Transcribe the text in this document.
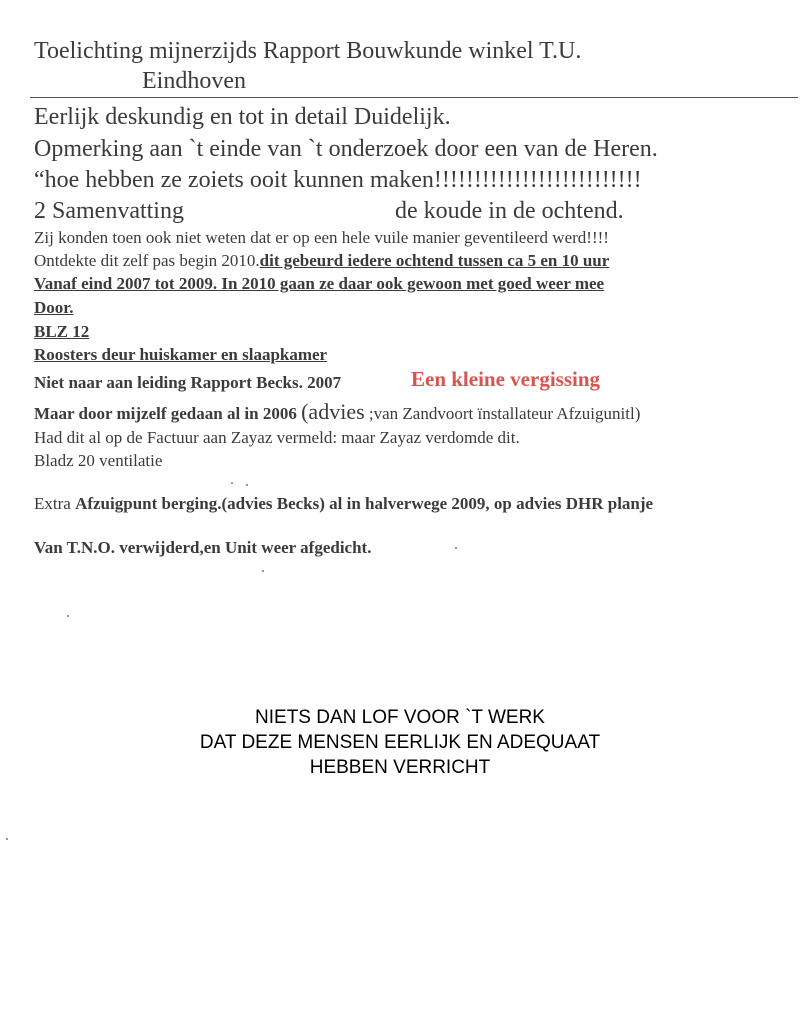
Toelichting mijnerzijds Rapport Bouwkunde winkel T.U.
Eindhoven
Eerlijk deskundig en tot in detail Duidelijk.
Opmerking aan `t einde van `t onderzoek door een van de Heren.
“hoe hebben ze zoiets ooit kunnen maken!!!!!!!!!!!!!!!!!!!!!!!!!!
2 Samenvatting	de koude in de ochtend.
Zij konden toen ook niet weten dat er op een hele vuile manier geventileerd werd!!!!
Ontdekte dit zelf pas begin 2010.dit gebeurd iedere ochtend tussen ca 5 en 10 uur
Vanaf eind 2007 tot 2009. In 2010 gaan ze daar ook gewoon met goed weer mee
Door.
BLZ 12
Roosters deur huiskamer en slaapkamer
Niet naar aan leiding Rapport Becks. 2007	Een kleine vergissing
Maar door mijzelf gedaan al in 2006 (advies ;van Zandvoort ïnstallateur Afzuigunitl)
Had dit al op de Factuur aan Zayaz vermeld: maar Zayaz verdomde dit.
Bladz 20 ventilatie
Extra Afzuigpunt berging.(advies Becks) al in halverwege 2009, op advies DHR planje
Van T.N.O. verwijderd,en Unit weer afgedicht.
NIETS DAN LOF VOOR `T WERK
DAT DEZE MENSEN EERLIJK EN ADEQUAAT
HEBBEN VERRICHT
